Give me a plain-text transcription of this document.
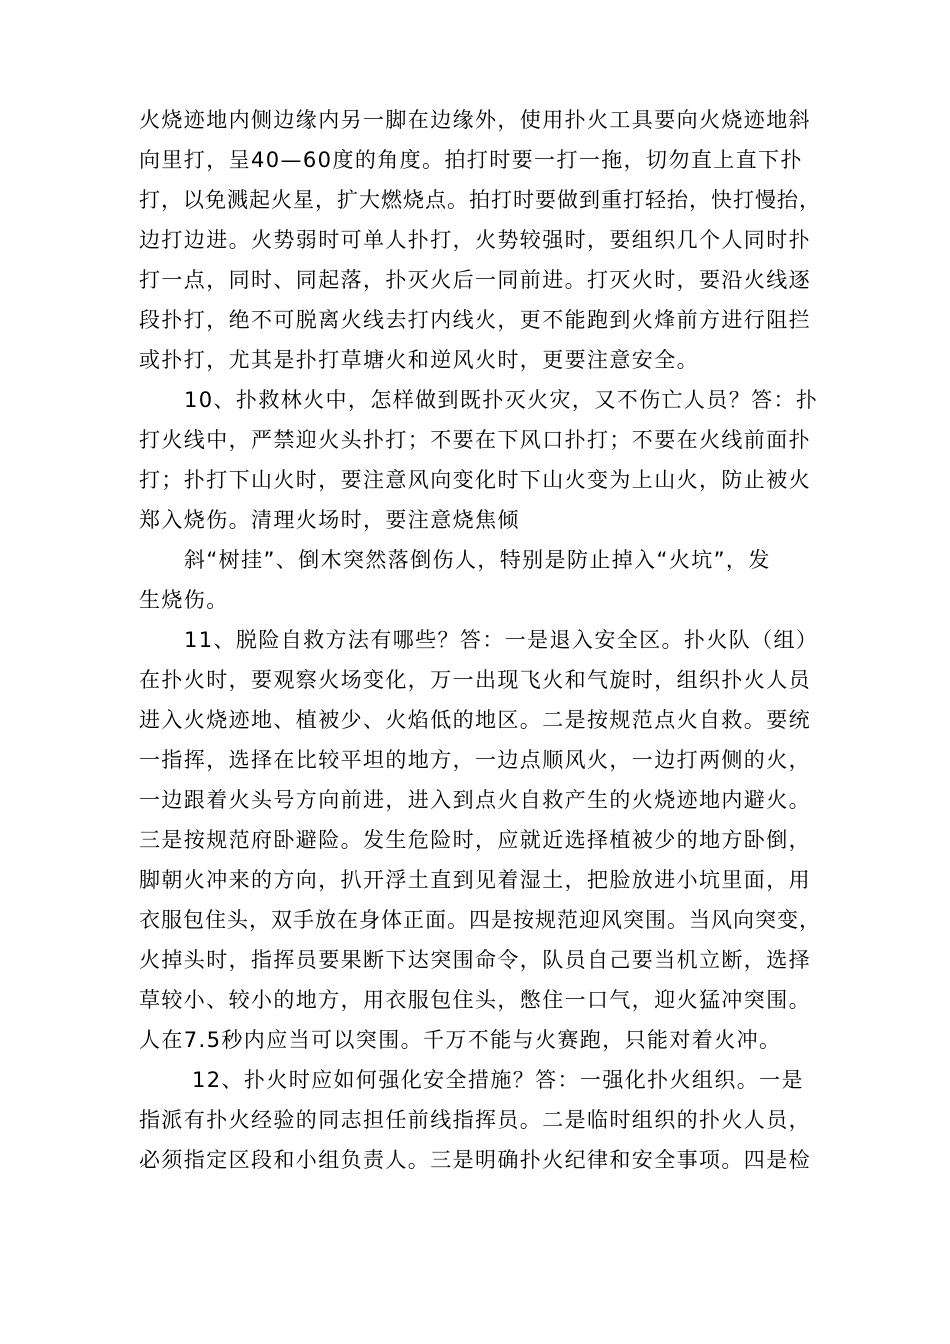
火烧迹地内侧边缘内另一脚在边缘外，使用扑火工具要向火烧迹地斜
向里打，呈40—60度的角度。拍打时要一打一拖，切勿直上直下扑
打，以免溅起火星，扩大燃烧点。拍打时要做到重打轻抬，快打慢抬，
边打边进。火势弱时可单人扑打，火势较强时，要组织几个人同时扑
打一点，同时、同起落，扑灭火后一同前进。打灭火时，要沿火线逐
段扑打，绝不可脱离火线去打内线火，更不能跑到火烽前方进行阻拦
或扑打，尤其是扑打草塘火和逆风火时，更要注意安全。
10、扑救林火中，怎样做到既扑灭火灾，又不伤亡人员？答：扑
打火线中，严禁迎火头扑打；不要在下风口扑打；不要在火线前面扑
打；扑打下山火时，要注意风向变化时下山火变为上山火，防止被火
郑入烧伤。清理火场时，要注意烧焦倾
斜“树挂”、倒木突然落倒伤人，特别是防止掉入“火坑”，发
生烧伤。
11、脱险自救方法有哪些？答：一是退入安全区。扑火队（组）
在扑火时，要观察火场变化，万一出现飞火和气旋时，组织扑火人员
进入火烧迹地、植被少、火焰低的地区。二是按规范点火自救。要统
一指挥，选择在比较平坦的地方，一边点顺风火，一边打两侧的火，
一边跟着火头号方向前进，进入到点火自救产生的火烧迹地内避火。
三是按规范府卧避险。发生危险时，应就近选择植被少的地方卧倒，
脚朝火冲来的方向，扒开浮土直到见着湿土，把脸放进小坑里面，用
衣服包住头，双手放在身体正面。四是按规范迎风突围。当风向突变，
火掉头时，指挥员要果断下达突围命令，队员自己要当机立断，选择
草较小、较小的地方，用衣服包住头，憋住一口气，迎火猛冲突围。
人在7.5秒内应当可以突围。千万不能与火赛跑，只能对着火冲。
12、扑火时应如何强化安全措施？答：一强化扑火组织。一是
指派有扑火经验的同志担任前线指挥员。二是临时组织的扑火人员，
必须指定区段和小组负责人。三是明确扑火纪律和安全事项。四是检
